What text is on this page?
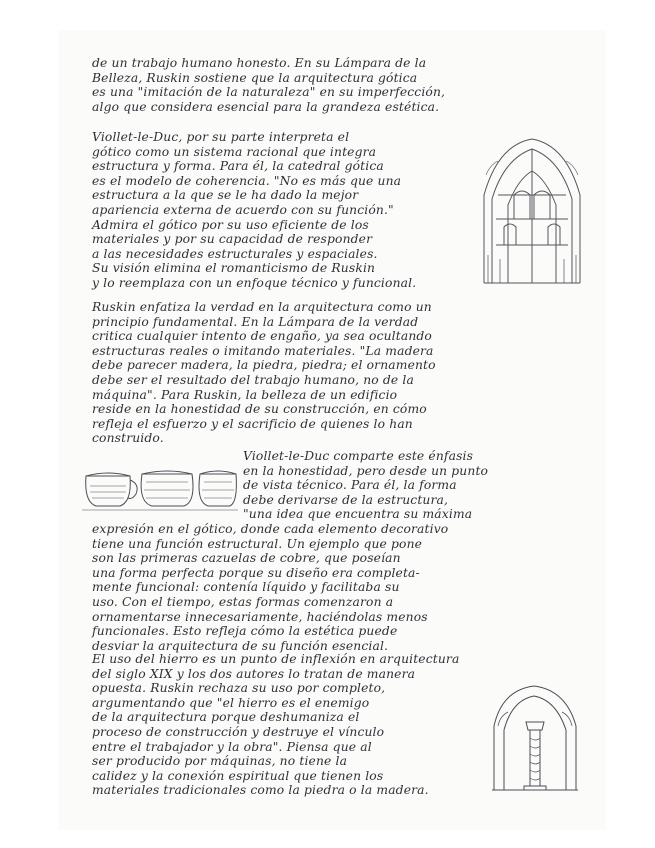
de un trabajo humano honesto. En su Lámpara de la
Belleza, Ruskin sostiene que la arquitectura gótica
es una "imitación de la naturaleza" en su imperfección,
algo que considera esencial para la grandeza estética.

Viollet-le-Duc, por su parte interpreta el
gótico como un sistema racional que integra
estructura y forma. Para él, la catedral gótica
es el modelo de coherencia. "No es más que una
estructura a la que se le ha dado la mejor
apariencia externa de acuerdo con su función."
Admira el gótico por su uso eficiente de los
materiales y por su capacidad de responder
a las necesidades estructurales y espaciales.
Su visión elimina el romanticismo de Ruskin
y lo reemplaza con un enfoque técnico y funcional.

Ruskin enfatiza la verdad en la arquitectura como un
principio fundamental. En la Lámpara de la verdad
critica cualquier intento de engaño, ya sea ocultando
estructuras reales o imitando materiales. "La madera
debe parecer madera, la piedra, piedra; el ornamento
debe ser el resultado del trabajo humano, no de la
máquina". Para Ruskin, la belleza de un edificio
reside en la honestidad de su construcción, en cómo
refleja el esfuerzo y el sacrificio de quienes lo han
construido.

Viollet-le-Duc comparte este énfasis
en la honestidad, pero desde un punto
de vista técnico. Para él, la forma
debe derivarse de la estructura,
"una idea que encuentra su máxima

expresión en el gótico, donde cada elemento decorativo
tiene una función estructural. Un ejemplo que pone
son las primeras cazuelas de cobre, que poseían
una forma perfecta porque su diseño era completa-
mente funcional: contenía líquido y facilitaba su
uso. Con el tiempo, estas formas comenzaron a
ornamentarse innecesariamente, haciéndolas menos
funcionales. Esto refleja cómo la estética puede
desviar la arquitectura de su función esencial.

El uso del hierro es un punto de inflexión en arquitectura
del siglo XIX y los dos autores lo tratan de manera
opuesta. Ruskin rechaza su uso por completo,
argumentando que "el hierro es el enemigo
de la arquitectura porque deshumaniza el
proceso de construcción y destruye el vínculo
entre el trabajador y la obra". Piensa que al
ser producido por máquinas, no tiene la
calidez y la conexión espiritual que tienen los
materiales tradicionales como la piedra o la madera.
